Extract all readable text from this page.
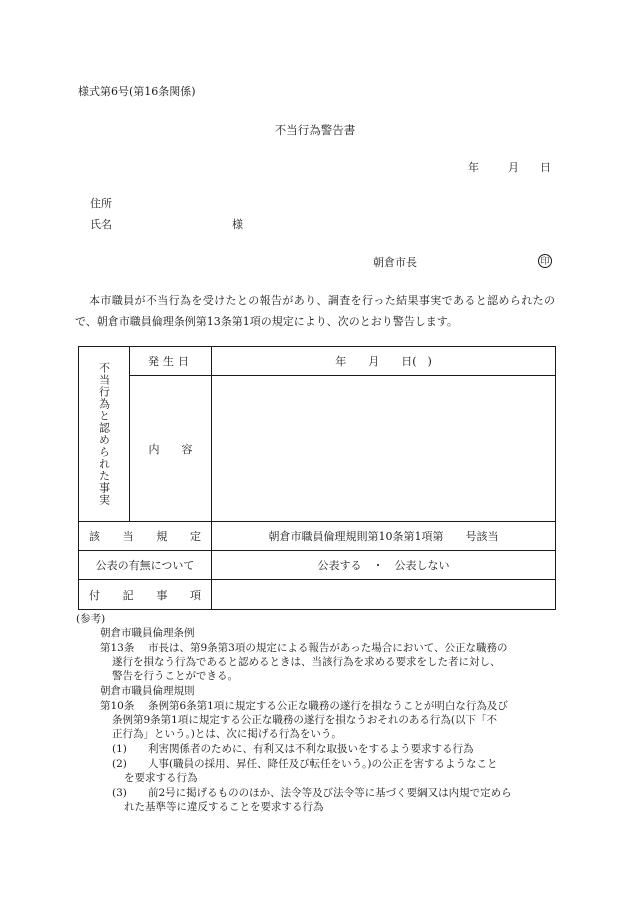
様式第6号(第16条関係)
不当行為警告書
年	月 日
住所
氏名	様
朝倉市長	印
本市職員が不当行為を受けたとの報告があり、調査を行った結果事実であると認められたので、朝倉市職員倫理条例第13条第1項の規定により、次のとおり警告します。
不当行為と認められた事実
発生日	年　　月　　日(　)
内　　容
該 当 規 定	朝倉市職員倫理規則第10条第1項第　　号該当
公表の有無について	公表する　・　公表しない
付 記 事 項
(参考)
朝倉市職員倫理条例
第13条 市長は、第9条第3項の規定による報告があった場合において、公正な職務の
遂行を損なう行為であると認めるときは、当該行為を求める要求をした者に対し、
警告を行うことができる。
朝倉市職員倫理規則
第10条 条例第6条第1項に規定する公正な職務の遂行を損なうことが明白な行為及び
条例第9条第1項に規定する公正な職務の遂行を損なうおそれのある行為(以下「不
正行為」という。)とは、次に掲げる行為をいう。
(1) 利害関係者のために、有利又は不利な取扱いをするよう要求する行為
(2) 人事(職員の採用、昇任、降任及び転任をいう。)の公正を害するようなこと
を要求する行為
(3) 前2号に掲げるもののほか、法令等及び法令等に基づく要綱又は内規で定めら
れた基準等に違反することを要求する行為
